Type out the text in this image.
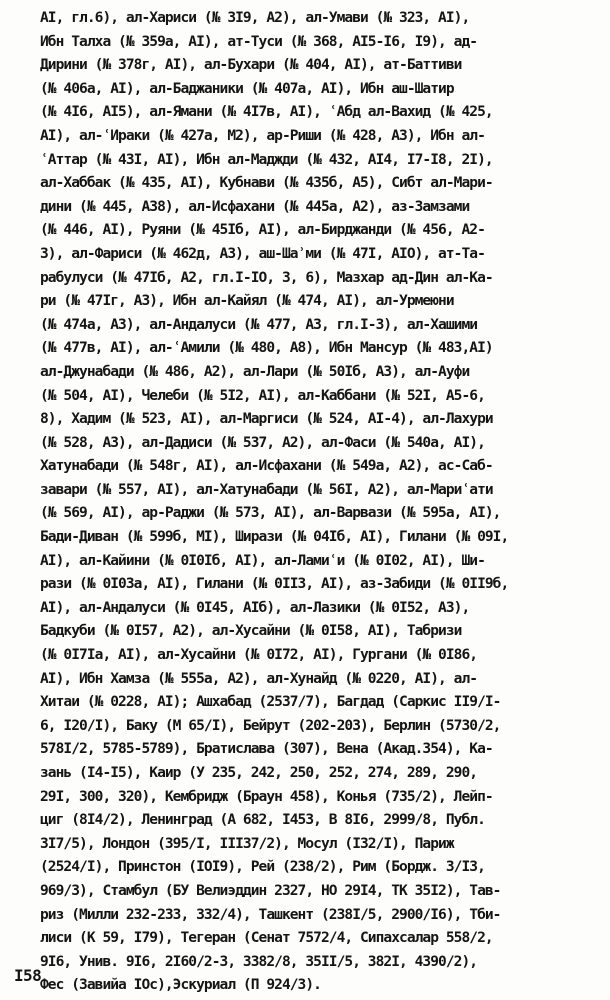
AI, гл.6), ал-Хариси (№ 3I9, A2), ал-Умави (№ 323, AI),
Ибн Талха (№ 359а, AI), ат-Туси (№ 368, AI5-I6, I9), ад-
Дирини (№ 378г, AI), ал-Бухари (№ 404, AI), ат-Баттиви
(№ 406а, AI), ал-Баджаники (№ 407а, AI), Ибн аш-Шатир
(№ 4I6, AI5), ал-Ямани (№ 4I7в, AI), ʿАбд ал-Вахид (№ 425,
AI), ал-ʿИраки (№ 427а, M2), ар-Риши (№ 428, A3), Ибн ал-
ʿАттар (№ 43I, AI), Ибн ал-Маджди (№ 432, AI4, I7-I8, 2I),
ал-Хаббак (№ 435, AI), Кубнави (№ 435б, A5), Сибт ал-Мари-
дини (№ 445, A38), ал-Исфахани (№ 445а, A2), аз-Замзами
(№ 446, AI), Руяни (№ 45Iб, AI), ал-Бирджанди (№ 456, A2-
3), ал-Фариси (№ 462д, A3), аш-Шаʾми (№ 47I, AIO), ат-Та-
рабулуси (№ 47Iб, A2, гл.I-IO, 3, 6), Мазхар ад-Дин ал-Ка-
ри (№ 47Iг, A3), Ибн ал-Кайял (№ 474, AI), ал-Урмеюни
(№ 474а, A3), ал-Андалуси (№ 477, A3, гл.I-3), ал-Хашими
(№ 477в, AI), ал-ʿАмили (№ 480, A8), Ибн Мансур (№ 483,AI)
ал-Джунабади (№ 486, A2), ал-Лари (№ 50Iб, A3), ал-Ауфи
(№ 504, AI), Челеби (№ 5I2, AI), ал-Каббани (№ 52I, A5-6,
8), Хадим (№ 523, AI), ал-Маргиси (№ 524, AI-4), ал-Лахури
(№ 528, A3), ал-Дадиси (№ 537, A2), ал-Фаси (№ 540а, AI),
Хатунабади (№ 548г, AI), ал-Исфахани (№ 549а, A2), ас-Саб-
завари (№ 557, AI), ал-Хатунабади (№ 56I, A2), ал-Мариʿати
(№ 569, AI), ар-Раджи (№ 573, AI), ал-Варвази (№ 595а, AI),
Бади-Диван (№ 599б, MI), Ширази (№ 04Iб, AI), Гилани (№ 09I,
AI), ал-Кайини (№ 0I0Iб, AI), ал-Ламиʿи (№ 0I02, AI), Ши-
рази (№ 0I03а, AI), Гилани (№ 0II3, AI), аз-Забиди (№ 0II9б,
AI), ал-Андалуси (№ 0I45, AIб), ал-Лазики (№ 0I52, A3),
Бадкуби (№ 0I57, A2), ал-Хусайни (№ 0I58, AI), Табризи
(№ 0I7Iа, AI), ал-Хусайни (№ 0I72, AI), Гургани (№ 0I86,
AI), Ибн Хамза (№ 555а, A2), ал-Хунайд (№ 0220, AI), ал-
Хитаи (№ 0228, AI); Ашхабад (2537/7), Багдад (Саркис II9/I-
6, I20/I), Баку (М 65/I), Бейрут (202-203), Берлин (5730/2,
578I/2, 5785-5789), Братислава (307), Вена (Акад.354), Ка-
зань (I4-I5), Каир (У 235, 242, 250, 252, 274, 289, 290,
29I, 300, 320), Кембридж (Браун 458), Конья (735/2), Лейп-
циг (8I4/2), Ленинград (A 682, I453, В 8I6, 2999/8, Публ.
3I7/5), Лондон (395/I, III37/2), Мосул (I32/I), Париж
(2524/I), Принстон (IOI9), Рей (238/2), Рим (Бордж. 3/I3,
969/3), Стамбул (БУ Велиэддин 2327, НО 29I4, ТК 35I2), Тав-
риз (Милли 232-233, 332/4), Ташкент (238I/5, 2900/I6), Тби-
лиси (К 59, I79), Тегеран (Сенат 7572/4, Сипахсалар 558/2,
9I6, Унив. 9I6, 2I60/2-3, 3382/8, 35II/5, 382I, 4390/2),
Фес (Завийа IOс),Эскуриал (П 924/3).
I58
